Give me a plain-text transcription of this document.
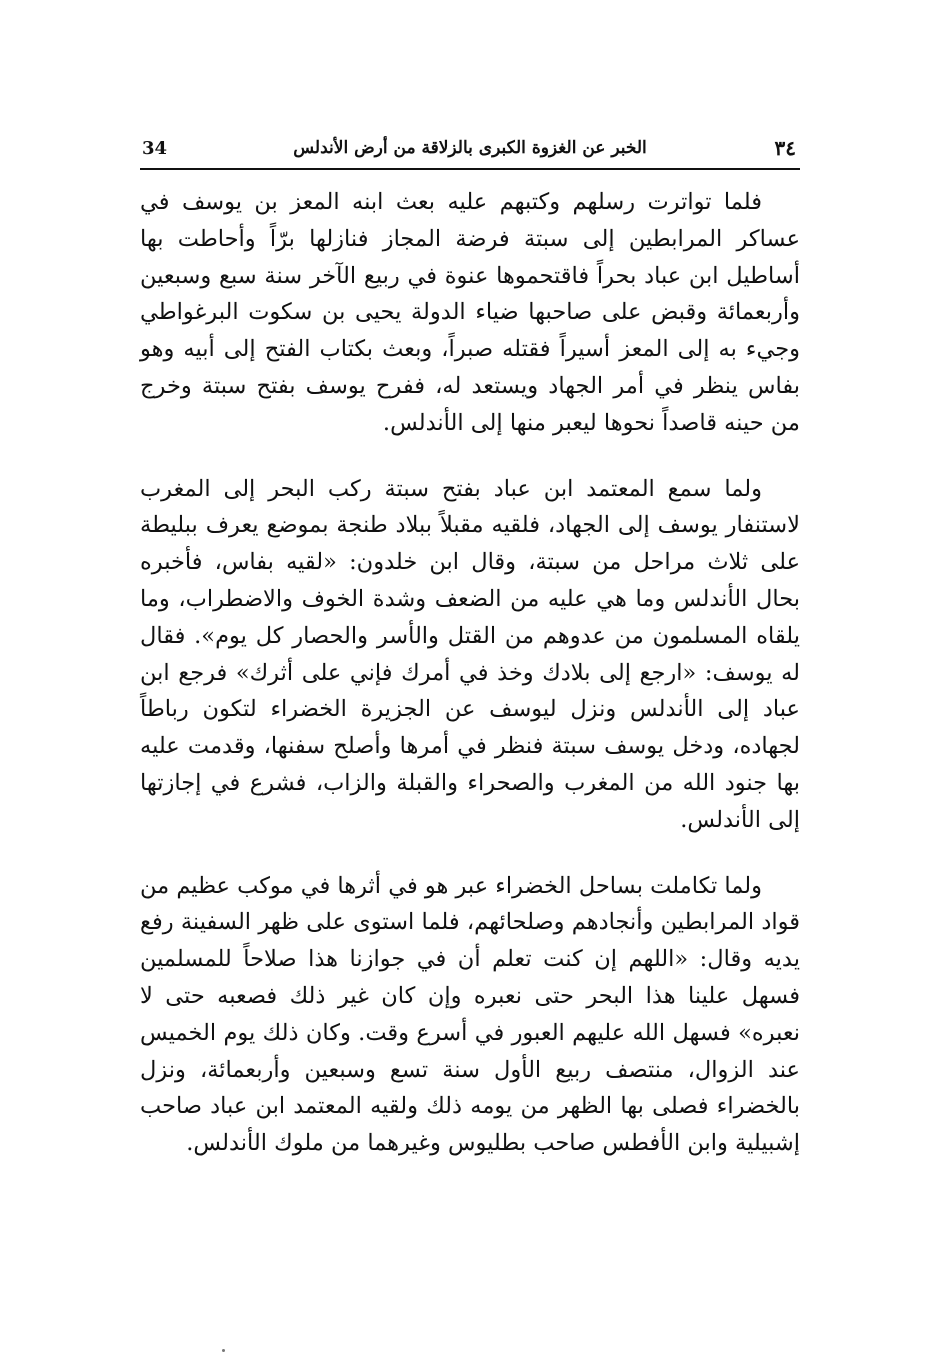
34	الخبر عن الغزوة الكبرى بالزلاقة من أرض الأندلس	٣٤

فلما تواترت رسلهم وكتبهم عليه بعث ابنه المعز بن يوسف في عساكر المرابطين إلى سبتة فرضة المجاز فنازلها برّاً وأحاطت بها أساطيل ابن عباد بحراً فاقتحموها عنوة في ربيع الآخر سنة سبع وسبعين وأربعمائة وقبض على صاحبها ضياء الدولة يحيى بن سكوت البرغواطي وجيء به إلى المعز أسيراً فقتله صبراً، وبعث بكتاب الفتح إلى أبيه وهو بفاس ينظر في أمر الجهاد ويستعد له، ففرح يوسف بفتح سبتة وخرج من حينه قاصداً نحوها ليعبر منها إلى الأندلس.

ولما سمع المعتمد ابن عباد بفتح سبتة ركب البحر إلى المغرب لاستنفار يوسف إلى الجهاد، فلقيه مقبلاً ببلاد طنجة بموضع يعرف ببليطة على ثلاث مراحل من سبتة، وقال ابن خلدون: «لقيه بفاس، فأخبره بحال الأندلس وما هي عليه من الضعف وشدة الخوف والاضطراب، وما يلقاه المسلمون من عدوهم من القتل والأسر والحصار كل يوم». فقال له يوسف: «ارجع إلى بلادك وخذ في أمرك فإني على أثرك» فرجع ابن عباد إلى الأندلس ونزل ليوسف عن الجزيرة الخضراء لتكون رباطاً لجهاده، ودخل يوسف سبتة فنظر في أمرها وأصلح سفنها، وقدمت عليه بها جنود الله من المغرب والصحراء والقبلة والزاب، فشرع في إجازتها إلى الأندلس.

ولما تكاملت بساحل الخضراء عبر هو في أثرها في موكب عظيم من قواد المرابطين وأنجادهم وصلحائهم، فلما استوى على ظهر السفينة رفع يديه وقال: «اللهم إن كنت تعلم أن في جوازنا هذا صلاحاً للمسلمين فسهل علينا هذا البحر حتى نعبره وإن كان غير ذلك فصعبه حتى لا نعبره» فسهل الله عليهم العبور في أسرع وقت. وكان ذلك يوم الخميس عند الزوال، منتصف ربيع الأول سنة تسع وسبعين وأربعمائة، ونزل بالخضراء فصلى بها الظهر من يومه ذلك ولقيه المعتمد ابن عباد صاحب إشبيلية وابن الأفطس صاحب بطليوس وغيرهما من ملوك الأندلس.
